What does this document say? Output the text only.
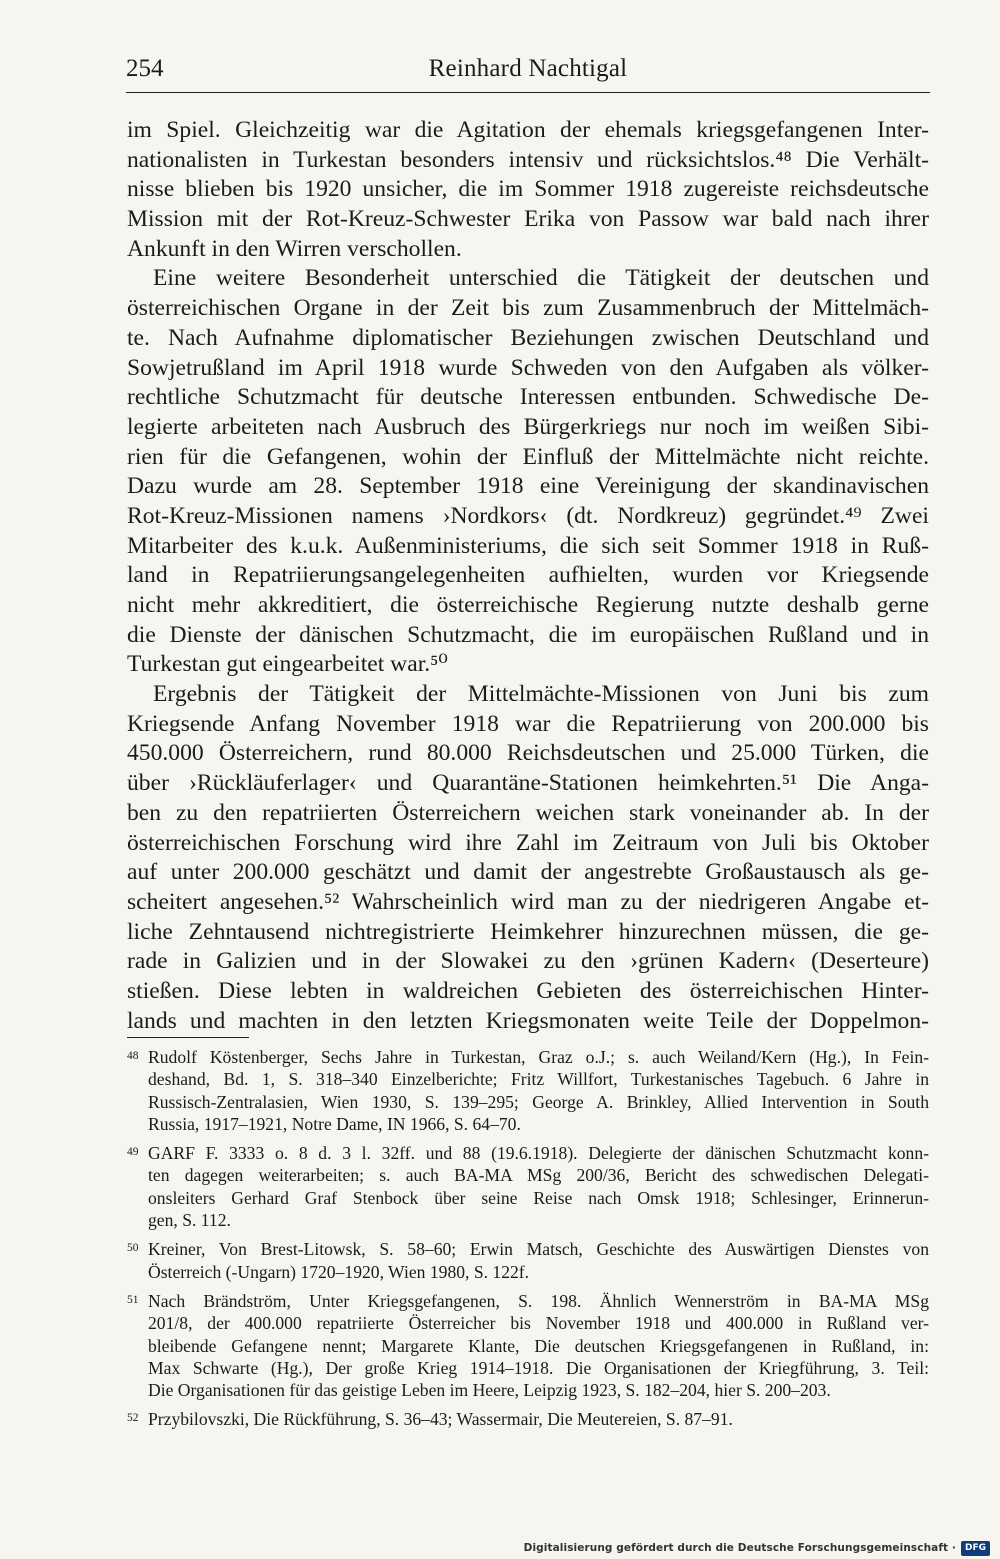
254	Reinhard Nachtigal

im Spiel. Gleichzeitig war die Agitation der ehemals kriegsgefangenen Inter-
nationalisten in Turkestan besonders intensiv und rücksichtslos.⁴⁸ Die Verhält-
nisse blieben bis 1920 unsicher, die im Sommer 1918 zugereiste reichsdeutsche
Mission mit der Rot-Kreuz-Schwester Erika von Passow war bald nach ihrer
Ankunft in den Wirren verschollen.

Eine weitere Besonderheit unterschied die Tätigkeit der deutschen und
österreichischen Organe in der Zeit bis zum Zusammenbruch der Mittelmäch-
te. Nach Aufnahme diplomatischer Beziehungen zwischen Deutschland und
Sowjetrußland im April 1918 wurde Schweden von den Aufgaben als völker-
rechtliche Schutzmacht für deutsche Interessen entbunden. Schwedische De-
legierte arbeiteten nach Ausbruch des Bürgerkriegs nur noch im weißen Sibi-
rien für die Gefangenen, wohin der Einfluß der Mittelmächte nicht reichte.
Dazu wurde am 28. September 1918 eine Vereinigung der skandinavischen
Rot-Kreuz-Missionen namens ›Nordkors‹ (dt. Nordkreuz) gegründet.⁴⁹ Zwei
Mitarbeiter des k.u.k. Außenministeriums, die sich seit Sommer 1918 in Ruß-
land in Repatriierungsangelegenheiten aufhielten, wurden vor Kriegsende
nicht mehr akkreditiert, die österreichische Regierung nutzte deshalb gerne
die Dienste der dänischen Schutzmacht, die im europäischen Rußland und in
Turkestan gut eingearbeitet war.⁵⁰

Ergebnis der Tätigkeit der Mittelmächte-Missionen von Juni bis zum
Kriegsende Anfang November 1918 war die Repatriierung von 200.000 bis
450.000 Österreichern, rund 80.000 Reichsdeutschen und 25.000 Türken, die
über ›Rückläuferlager‹ und Quarantäne-Stationen heimkehrten.⁵¹ Die Anga-
ben zu den repatriierten Österreichern weichen stark voneinander ab. In der
österreichischen Forschung wird ihre Zahl im Zeitraum von Juli bis Oktober
auf unter 200.000 geschätzt und damit der angestrebte Großaustausch als ge-
scheitert angesehen.⁵² Wahrscheinlich wird man zu der niedrigeren Angabe et-
liche Zehntausend nichtregistrierte Heimkehrer hinzurechnen müssen, die ge-
rade in Galizien und in der Slowakei zu den ›grünen Kadern‹ (Deserteure)
stießen. Diese lebten in waldreichen Gebieten des österreichischen Hinter-
lands und machten in den letzten Kriegsmonaten weite Teile der Doppelmon-

48 Rudolf Köstenberger, Sechs Jahre in Turkestan, Graz o.J.; s. auch Weiland/Kern (Hg.), In Fein-
deshand, Bd. 1, S. 318–340 Einzelberichte; Fritz Willfort, Turkestanisches Tagebuch. 6 Jahre in
Russisch-Zentralasien, Wien 1930, S. 139–295; George A. Brinkley, Allied Intervention in South
Russia, 1917–1921, Notre Dame, IN 1966, S. 64–70.
49 GARF F. 3333 o. 8 d. 3 l. 32ff. und 88 (19.6.1918). Delegierte der dänischen Schutzmacht konn-
ten dagegen weiterarbeiten; s. auch BA-MA MSg 200/36, Bericht des schwedischen Delegati-
onsleiters Gerhard Graf Stenbock über seine Reise nach Omsk 1918; Schlesinger, Erinnerun-
gen, S. 112.
50 Kreiner, Von Brest-Litowsk, S. 58–60; Erwin Matsch, Geschichte des Auswärtigen Dienstes von
Österreich (-Ungarn) 1720–1920, Wien 1980, S. 122f.
51 Nach Brändström, Unter Kriegsgefangenen, S. 198. Ähnlich Wennerström in BA-MA MSg
201/8, der 400.000 repatriierte Österreicher bis November 1918 und 400.000 in Rußland ver-
bleibende Gefangene nennt; Margarete Klante, Die deutschen Kriegsgefangenen in Rußland, in:
Max Schwarte (Hg.), Der große Krieg 1914–1918. Die Organisationen der Kriegführung, 3. Teil:
Die Organisationen für das geistige Leben im Heere, Leipzig 1923, S. 182–204, hier S. 200–203.
52 Przybilovszki, Die Rückführung, S. 36–43; Wassermair, Die Meutereien, S. 87–91.
Digitalisierung gefördert durch die Deutsche Forschungsgemeinschaft ·	DFG
